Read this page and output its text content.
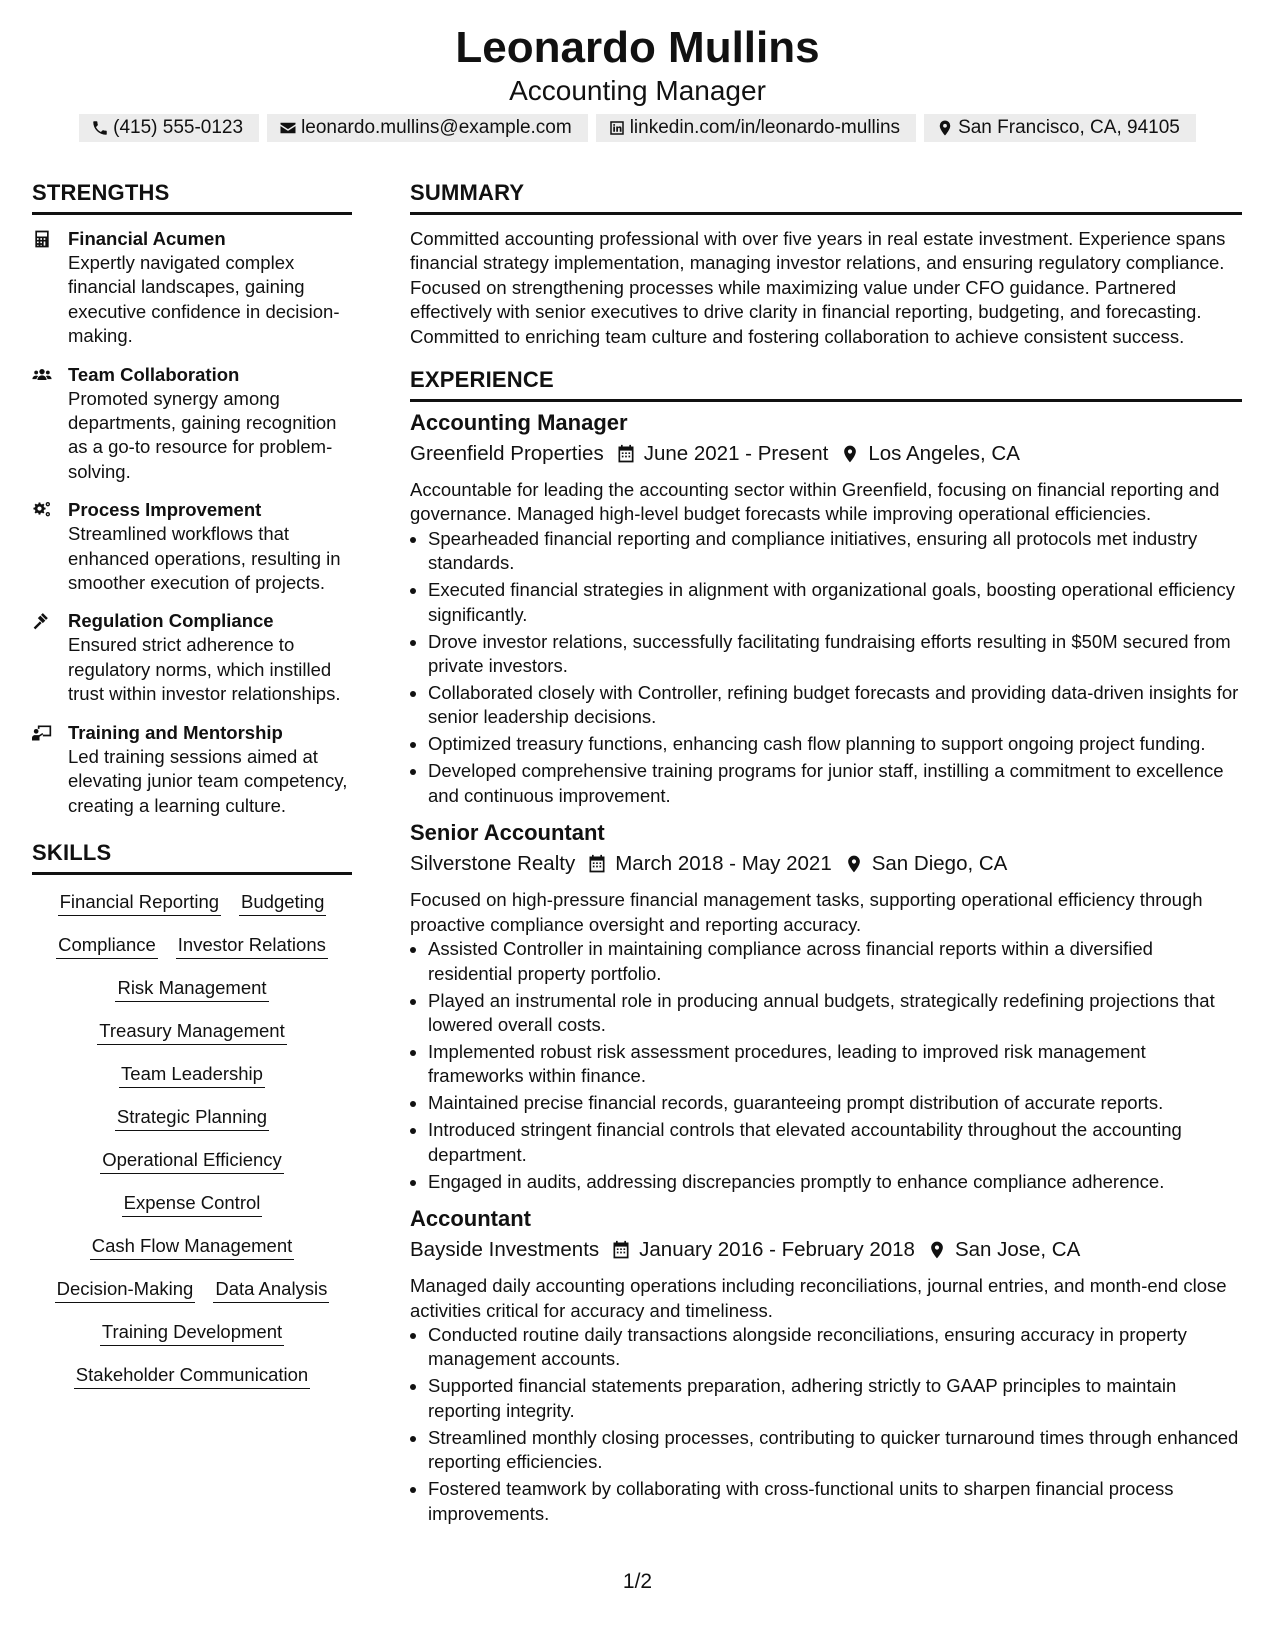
Leonardo Mullins
Accounting Manager
(415) 555-0123	leonardo.mullins@example.com	linkedin.com/in/leonardo-mullins	San Francisco, CA, 94105
STRENGTHS
Financial Acumen
Expertly navigated complex financial landscapes, gaining executive confidence in decision-making.
Team Collaboration
Promoted synergy among departments, gaining recognition as a go-to resource for problem-solving.
Process Improvement
Streamlined workflows that enhanced operations, resulting in smoother execution of projects.
Regulation Compliance
Ensured strict adherence to regulatory norms, which instilled trust within investor relationships.
Training and Mentorship
Led training sessions aimed at elevating junior team competency, creating a learning culture.
SKILLS
Financial Reporting Budgeting
Compliance Investor Relations
Risk Management
Treasury Management
Team Leadership
Strategic Planning
Operational Efficiency
Expense Control
Cash Flow Management
Decision-Making Data Analysis
Training Development
Stakeholder Communication
SUMMARY
Committed accounting professional with over five years in real estate investment. Experience spans financial strategy implementation, managing investor relations, and ensuring regulatory compliance. Focused on strengthening processes while maximizing value under CFO guidance. Partnered effectively with senior executives to drive clarity in financial reporting, budgeting, and forecasting. Committed to enriching team culture and fostering collaboration to achieve consistent success.
EXPERIENCE
Accounting Manager
Greenfield Properties June 2021 - Present Los Angeles, CA
Accountable for leading the accounting sector within Greenfield, focusing on financial reporting and governance. Managed high-level budget forecasts while improving operational efficiencies.
• Spearheaded financial reporting and compliance initiatives, ensuring all protocols met industry standards.
• Executed financial strategies in alignment with organizational goals, boosting operational efficiency significantly.
• Drove investor relations, successfully facilitating fundraising efforts resulting in $50M secured from private investors.
• Collaborated closely with Controller, refining budget forecasts and providing data-driven insights for senior leadership decisions.
• Optimized treasury functions, enhancing cash flow planning to support ongoing project funding.
• Developed comprehensive training programs for junior staff, instilling a commitment to excellence and continuous improvement.
Senior Accountant
Silverstone Realty March 2018 - May 2021 San Diego, CA
Focused on high-pressure financial management tasks, supporting operational efficiency through proactive compliance oversight and reporting accuracy.
• Assisted Controller in maintaining compliance across financial reports within a diversified residential property portfolio.
• Played an instrumental role in producing annual budgets, strategically redefining projections that lowered overall costs.
• Implemented robust risk assessment procedures, leading to improved risk management frameworks within finance.
• Maintained precise financial records, guaranteeing prompt distribution of accurate reports.
• Introduced stringent financial controls that elevated accountability throughout the accounting department.
• Engaged in audits, addressing discrepancies promptly to enhance compliance adherence.
Accountant
Bayside Investments January 2016 - February 2018 San Jose, CA
Managed daily accounting operations including reconciliations, journal entries, and month-end close activities critical for accuracy and timeliness.
• Conducted routine daily transactions alongside reconciliations, ensuring accuracy in property management accounts.
• Supported financial statements preparation, adhering strictly to GAAP principles to maintain reporting integrity.
• Streamlined monthly closing processes, contributing to quicker turnaround times through enhanced reporting efficiencies.
• Fostered teamwork by collaborating with cross-functional units to sharpen financial process improvements.
1/2
